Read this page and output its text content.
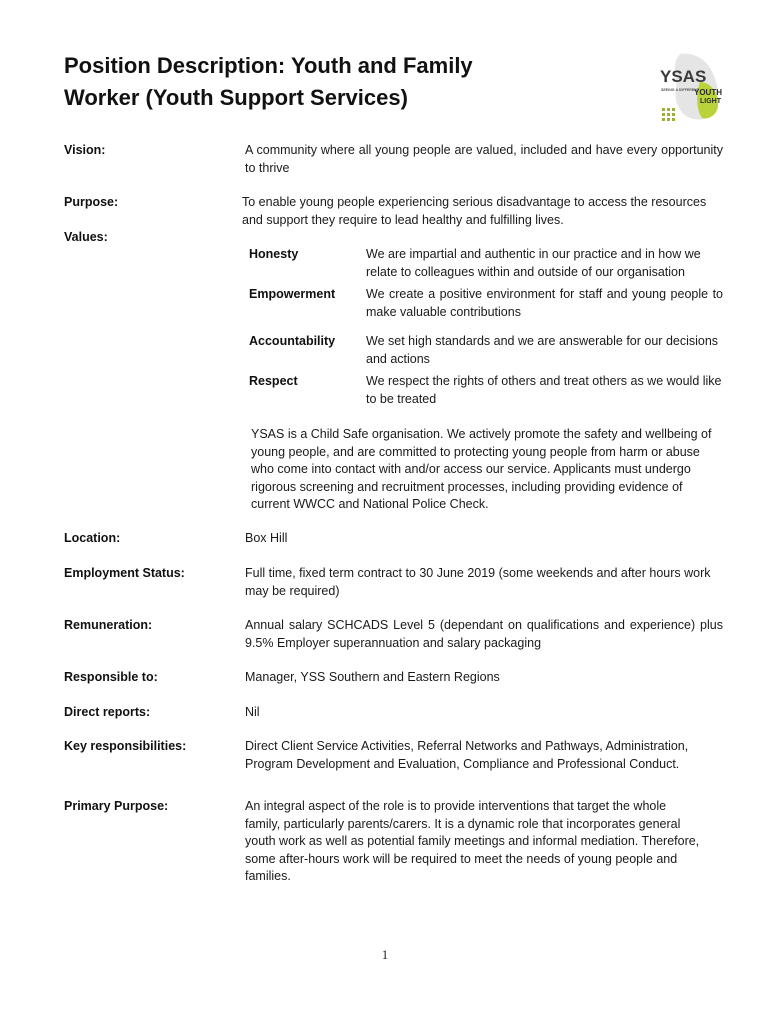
Position Description: Youth and Family
Worker (Youth Support Services)
YSAS
SEEING A DIFFERENT
YOUTH
LIGHT
Vision:	A community where all young people are valued, included and have every opportunity to thrive
Purpose:	To enable young people experiencing serious disadvantage to access the resources and support they require to lead healthy and fulfilling lives.
Values:
Honesty	We are impartial and authentic in our practice and in how we relate to colleagues within and outside of our organisation
Empowerment We create a positive environment for staff and young people to make valuable contributions
Accountability We set high standards and we are answerable for our decisions and actions
Respect	We respect the rights of others and treat others as we would like to be treated
YSAS is a Child Safe organisation. We actively promote the safety and wellbeing of young people, and are committed to protecting young people from harm or abuse who come into contact with and/or access our service. Applicants must undergo rigorous screening and recruitment processes, including providing evidence of current WWCC and National Police Check.
Location:	Box Hill
Employment Status:	Full time, fixed term contract to 30 June 2019 (some weekends and after hours work may be required)
Remuneration:	Annual salary SCHCADS Level 5 (dependant on qualifications and experience) plus 9.5% Employer superannuation and salary packaging
Responsible to:	Manager, YSS Southern and Eastern Regions
Direct reports:	Nil
Key responsibilities:	Direct Client Service Activities, Referral Networks and Pathways, Administration, Program Development and Evaluation, Compliance and Professional Conduct.
Primary Purpose:	An integral aspect of the role is to provide interventions that target the whole family, particularly parents/carers. It is a dynamic role that incorporates general youth work as well as potential family meetings and informal mediation. Therefore, some after-hours work will be required to meet the needs of young people and families.
1
